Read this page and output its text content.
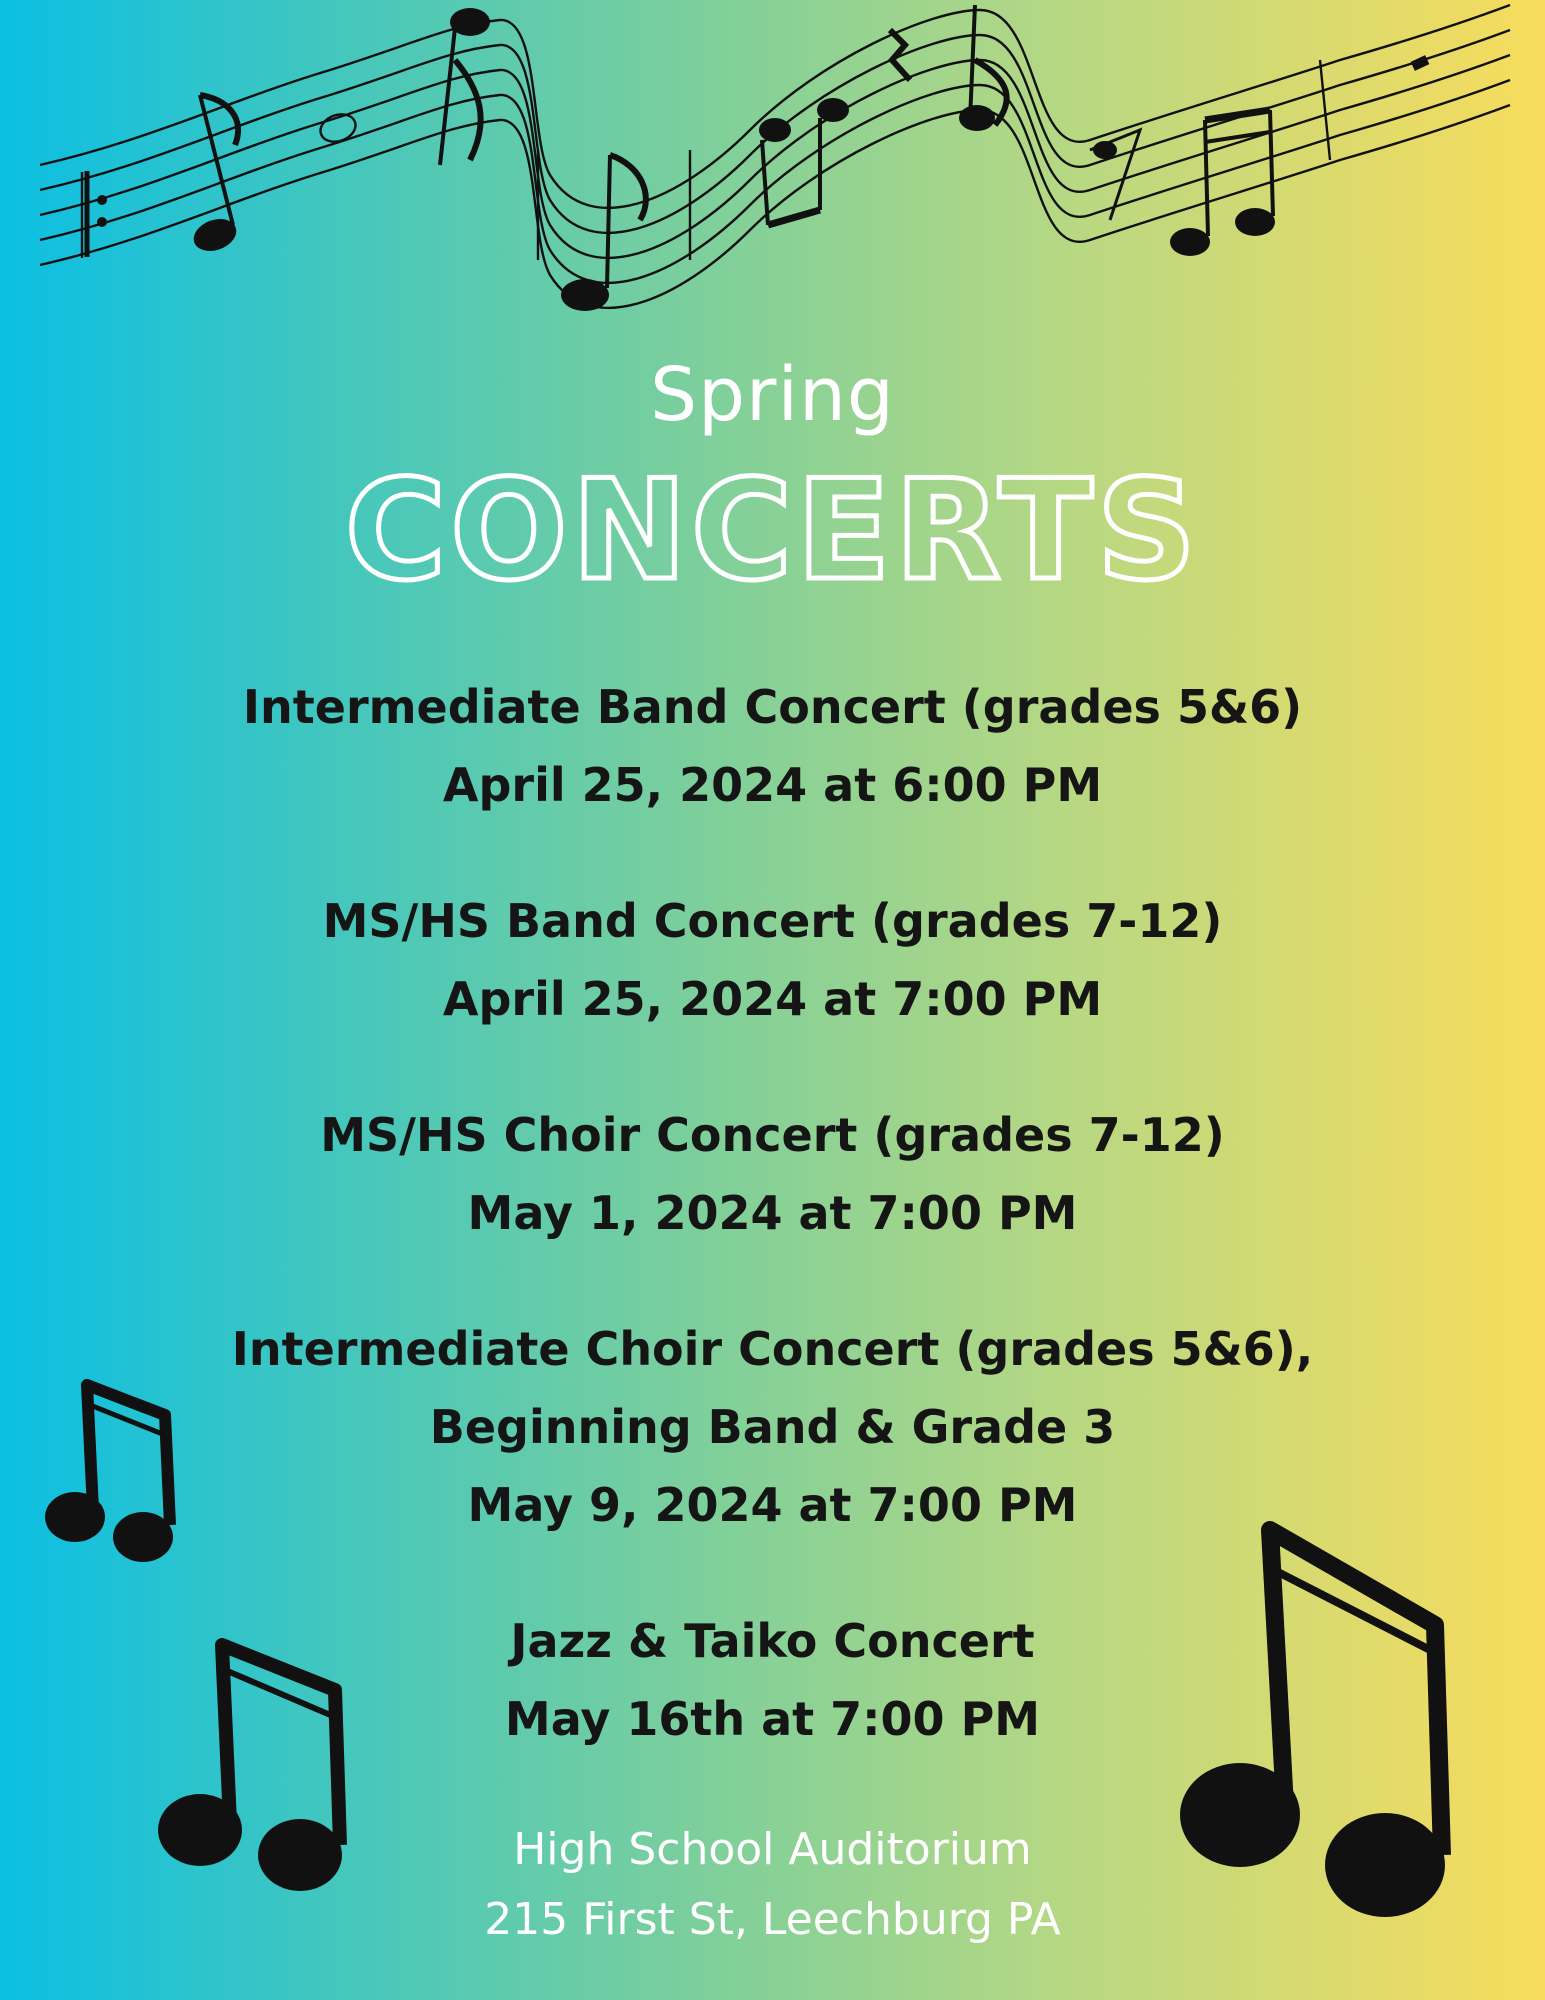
Spring
CONCERTS
Intermediate Band Concert (grades 5&6)
April 25, 2024 at 6:00 PM
MS/HS Band Concert (grades 7-12)
April 25, 2024 at 7:00 PM
MS/HS Choir Concert (grades 7-12)
May 1, 2024 at 7:00 PM
Intermediate Choir Concert (grades 5&6),
Beginning Band & Grade 3
May 9, 2024 at 7:00 PM
Jazz & Taiko Concert
May 16th at 7:00 PM
High School Auditorium
215 First St, Leechburg PA
